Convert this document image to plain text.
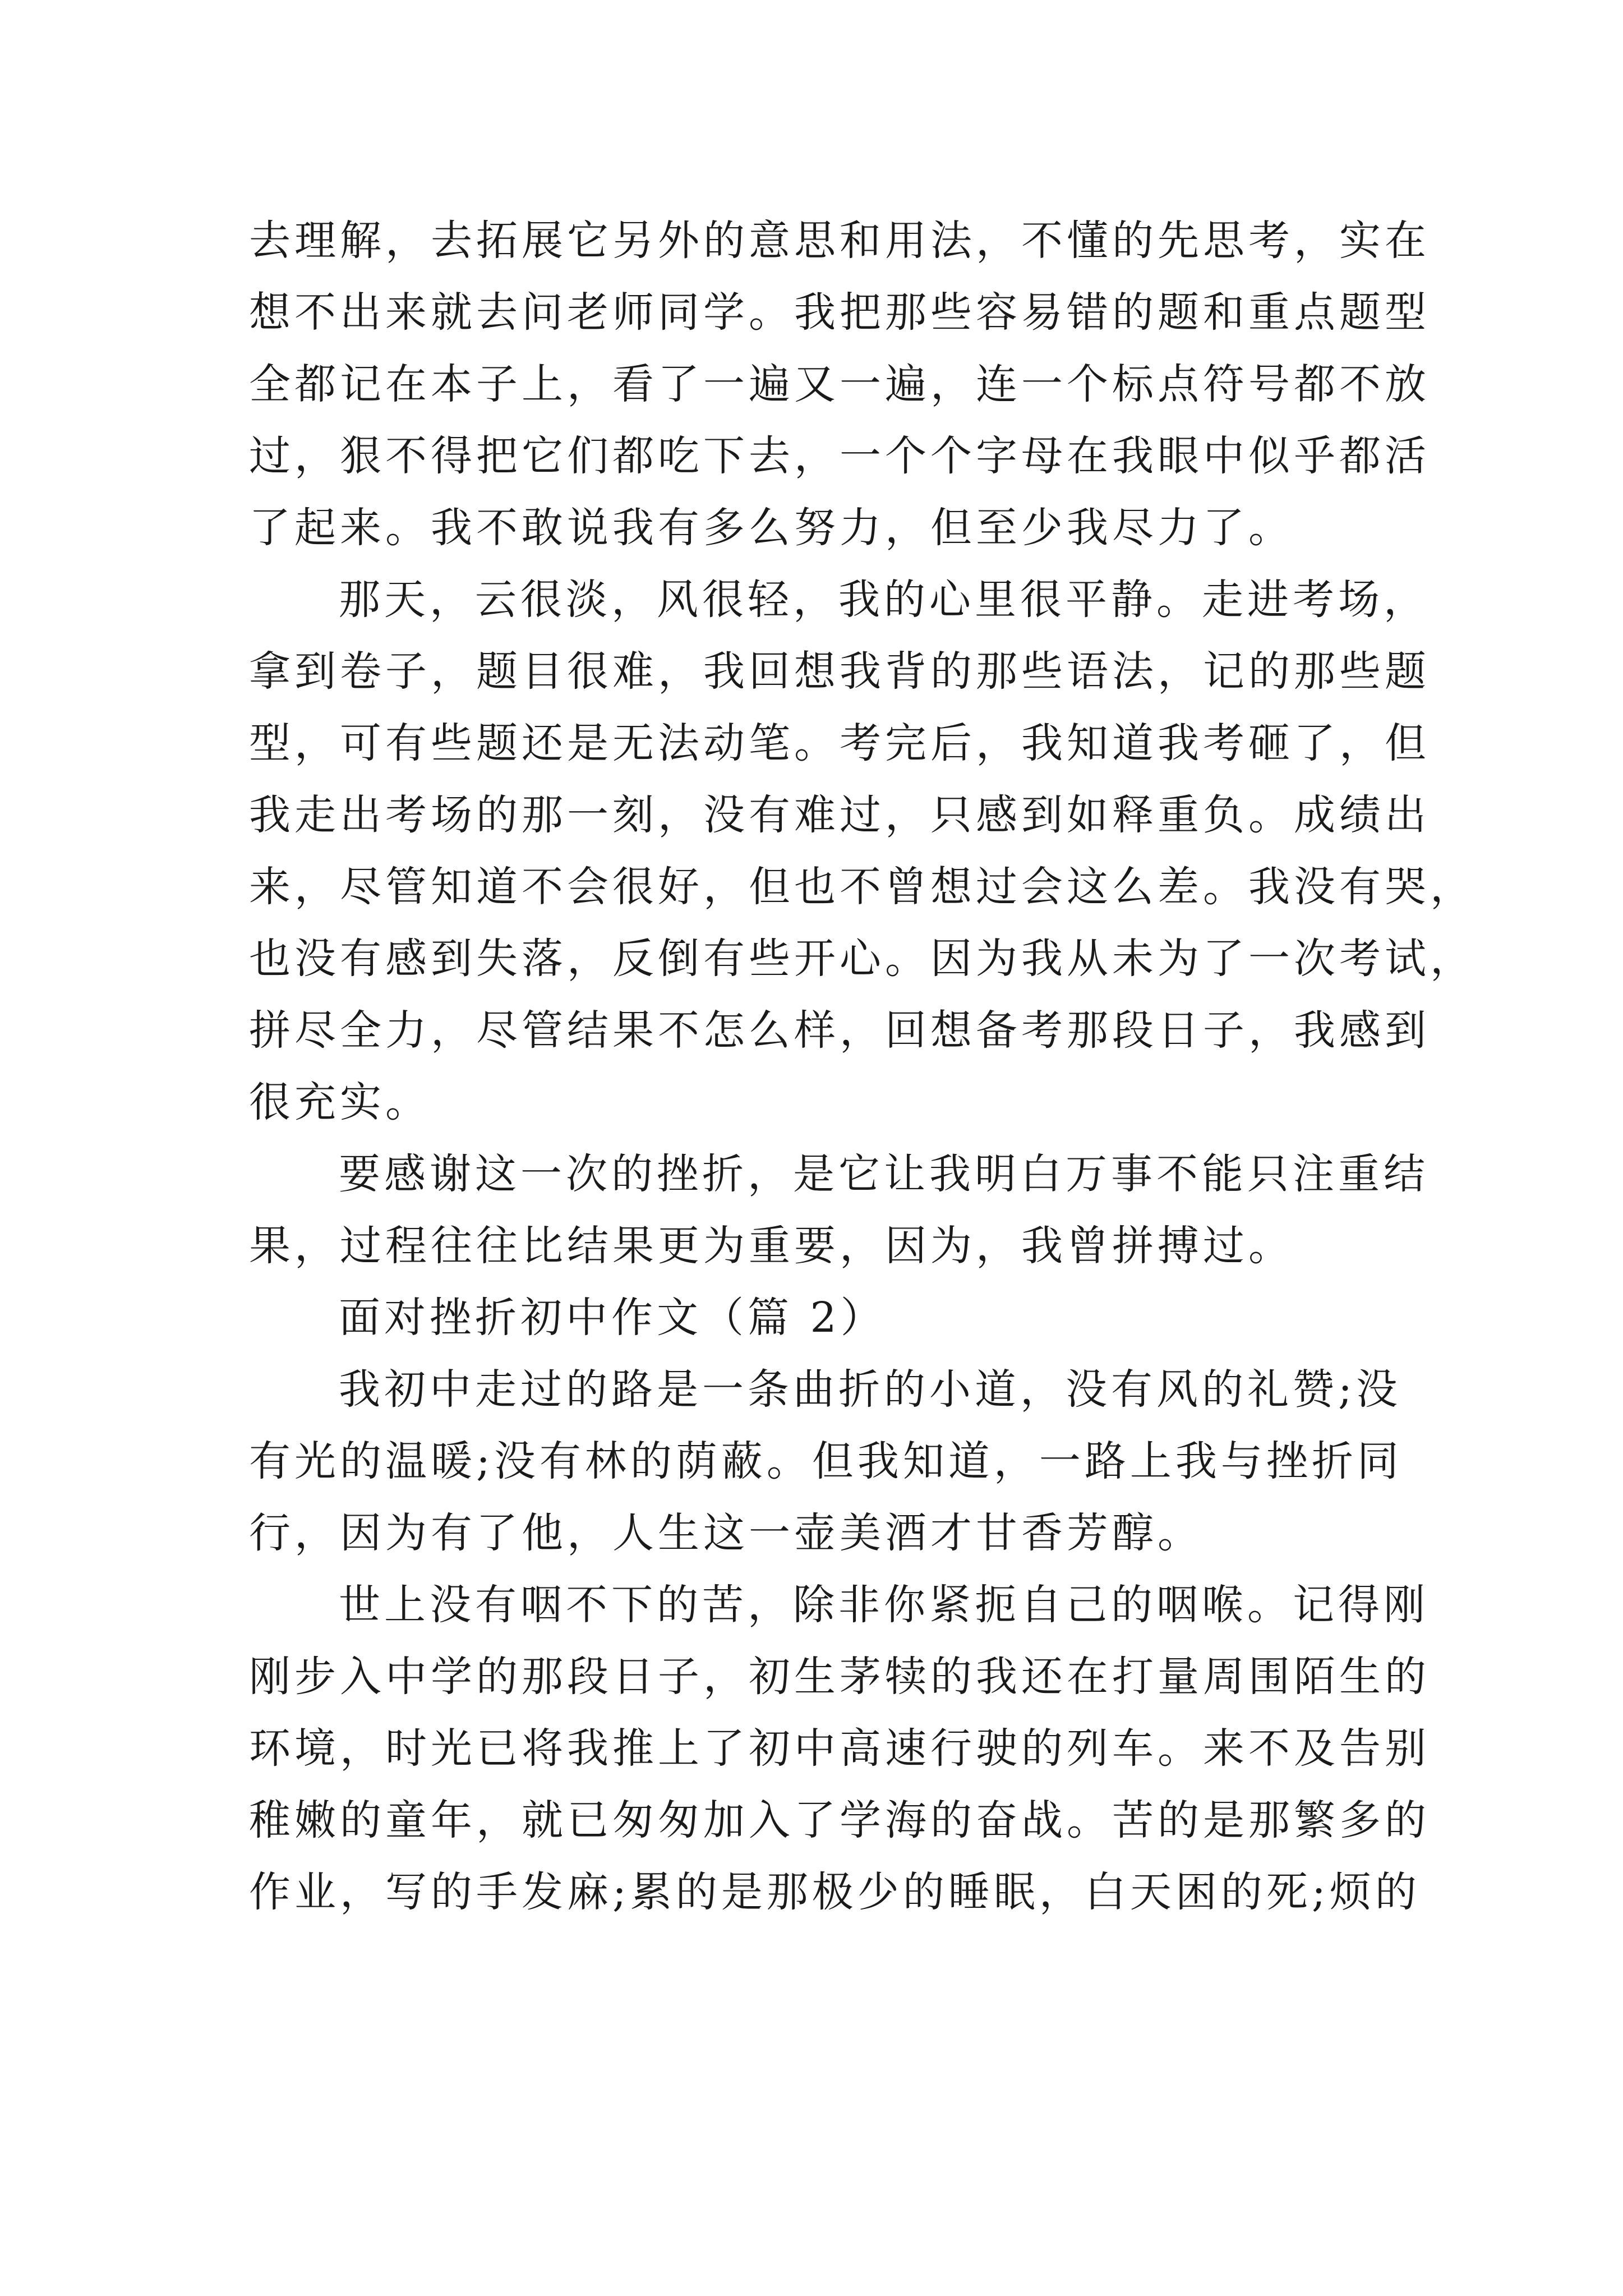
去理解，去拓展它另外的意思和用法，不懂的先思考，实在
想不出来就去问老师同学。我把那些容易错的题和重点题型
全都记在本子上，看了一遍又一遍，连一个标点符号都不放
过，狠不得把它们都吃下去，一个个字母在我眼中似乎都活
了起来。我不敢说我有多么努力，但至少我尽力了。
那天，云很淡，风很轻，我的心里很平静。走进考场，
拿到卷子，题目很难，我回想我背的那些语法，记的那些题
型，可有些题还是无法动笔。考完后，我知道我考砸了，但
我走出考场的那一刻，没有难过，只感到如释重负。成绩出
来，尽管知道不会很好，但也不曾想过会这么差。我没有哭，
也没有感到失落，反倒有些开心。因为我从未为了一次考试，
拼尽全力，尽管结果不怎么样，回想备考那段日子，我感到
很充实。
要感谢这一次的挫折，是它让我明白万事不能只注重结
果，过程往往比结果更为重要，因为，我曾拼搏过。
面对挫折初中作文（篇 2）
我初中走过的路是一条曲折的小道，没有风的礼赞;没
有光的温暖;没有林的荫蔽。但我知道，一路上我与挫折同
行，因为有了他，人生这一壶美酒才甘香芳醇。
世上没有咽不下的苦，除非你紧扼自己的咽喉。记得刚
刚步入中学的那段日子，初生茅犊的我还在打量周围陌生的
环境，时光已将我推上了初中高速行驶的列车。来不及告别
稚嫩的童年，就已匆匆加入了学海的奋战。苦的是那繁多的
作业，写的手发麻;累的是那极少的睡眠，白天困的死;烦的
